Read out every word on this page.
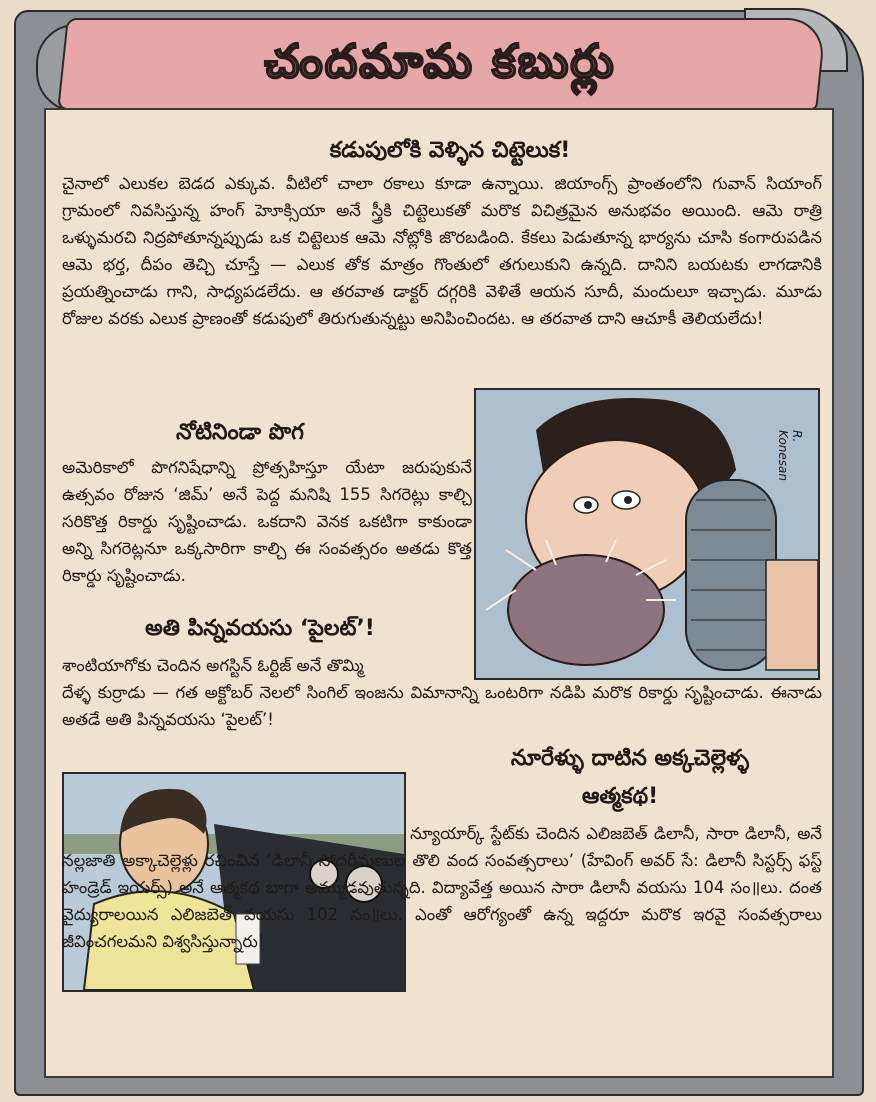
చందమామ కబుర్లు
కడుపులోకి వెళ్ళిన చిట్టెలుక!
చైనాలో ఎలుకల బెడద ఎక్కువ. వీటిలో చాలా రకాలు కూడా ఉన్నాయి. జియాంగ్స్ ప్రాంతంలోని గువాన్ సియాంగ్ గ్రామంలో నివసిస్తున్న హంగ్ హెూక్సియా అనే స్త్రీకి చిట్టెలుకతో మరొక విచిత్రమైన అనుభవం అయింది. ఆమె రాత్రి ఒళ్ళుమరచి నిద్రపోతూన్నప్పుడు ఒక చిట్టెలుక ఆమె నోట్లోకి జొరబడింది. కేకలు పెడుతూన్న భార్యను చూసి కంగారుపడిన ఆమె భర్త, దీపం తెచ్చి చూస్తే — ఎలుక తోక మాత్రం గొంతులో తగులుకుని ఉన్నది. దానిని బయటకు లాగడానికి ప్రయత్నించాడు గాని, సాధ్యపడలేదు. ఆ తరవాత డాక్టర్ దగ్గరికి వెళితే ఆయన సూదీ, మందులూ ఇచ్చాడు. మూడు రోజుల వరకు ఎలుక ప్రాణంతో కడుపులో తిరుగుతున్నట్టు అనిపించిందట. ఆ తరవాత దాని ఆచూకీ తెలియలేదు!
R. Konesan
నోటినిండా పొగ
అమెరికాలో పొగనిషేధాన్ని ప్రోత్సహిస్తూ యేటా జరుపుకునే ఉత్సవం రోజున ‘జిమ్’ అనే పెద్ద మనిషి 155 సిగరెట్లు కాల్చి సరికొత్త రికార్డు సృష్టించాడు. ఒకదాని వెనక ఒకటిగా కాకుండా అన్ని సిగరెట్లనూ ఒక్కసారిగా కాల్చి ఈ సంవత్సరం అతడు కొత్త రికార్డు సృష్టించాడు.
అతి పిన్నవయసు ‘పైలట్’!
శాంటియాగోకు చెందిన అగస్టిన్ ఓర్టిజ్ అనే తొమ్మి
దేళ్ళ కుర్రాడు — గత అక్టోబర్ నెలలో సింగిల్ ఇంజను విమానాన్ని ఒంటరిగా నడిపి మరొక రికార్డు సృష్టించాడు. ఈనాడు అతడే అతి పిన్నవయసు ‘పైలట్’!
నూరేళ్ళు దాటిన అక్కచెల్లెళ్ళ
ఆత్మకథ!
న్యూయార్క్ స్టేట్‌కు చెందిన ఎలిజబెత్ డిలానీ, సారా డిలానీ, అనే నల్లజాతి అక్కాచెల్లెళ్లు రచించిన ‘డిలానీ సోదరీమణుల తొలి వంద సంవత్సరాలు’ (హేవింగ్ అవర్ సే: డిలానీ సిస్టర్స్ ఫస్ట్ హండ్రెడ్ ఇయర్స్) అనే ఆత్మకథ బాగా అమ్ముడవుతున్నది. విద్యావేత్త అయిన సారా డిలానీ వయసు 104 సం॥లు. దంత వైద్యురాలయిన ఎలిజబెత్ వయసు 102 సం॥లు. ఎంతో ఆరోగ్యంతో ఉన్న ఇద్దరూ మరొక ఇరవై సంవత్సరాలు జీవించగలమని విశ్వసిస్తున్నారు!
